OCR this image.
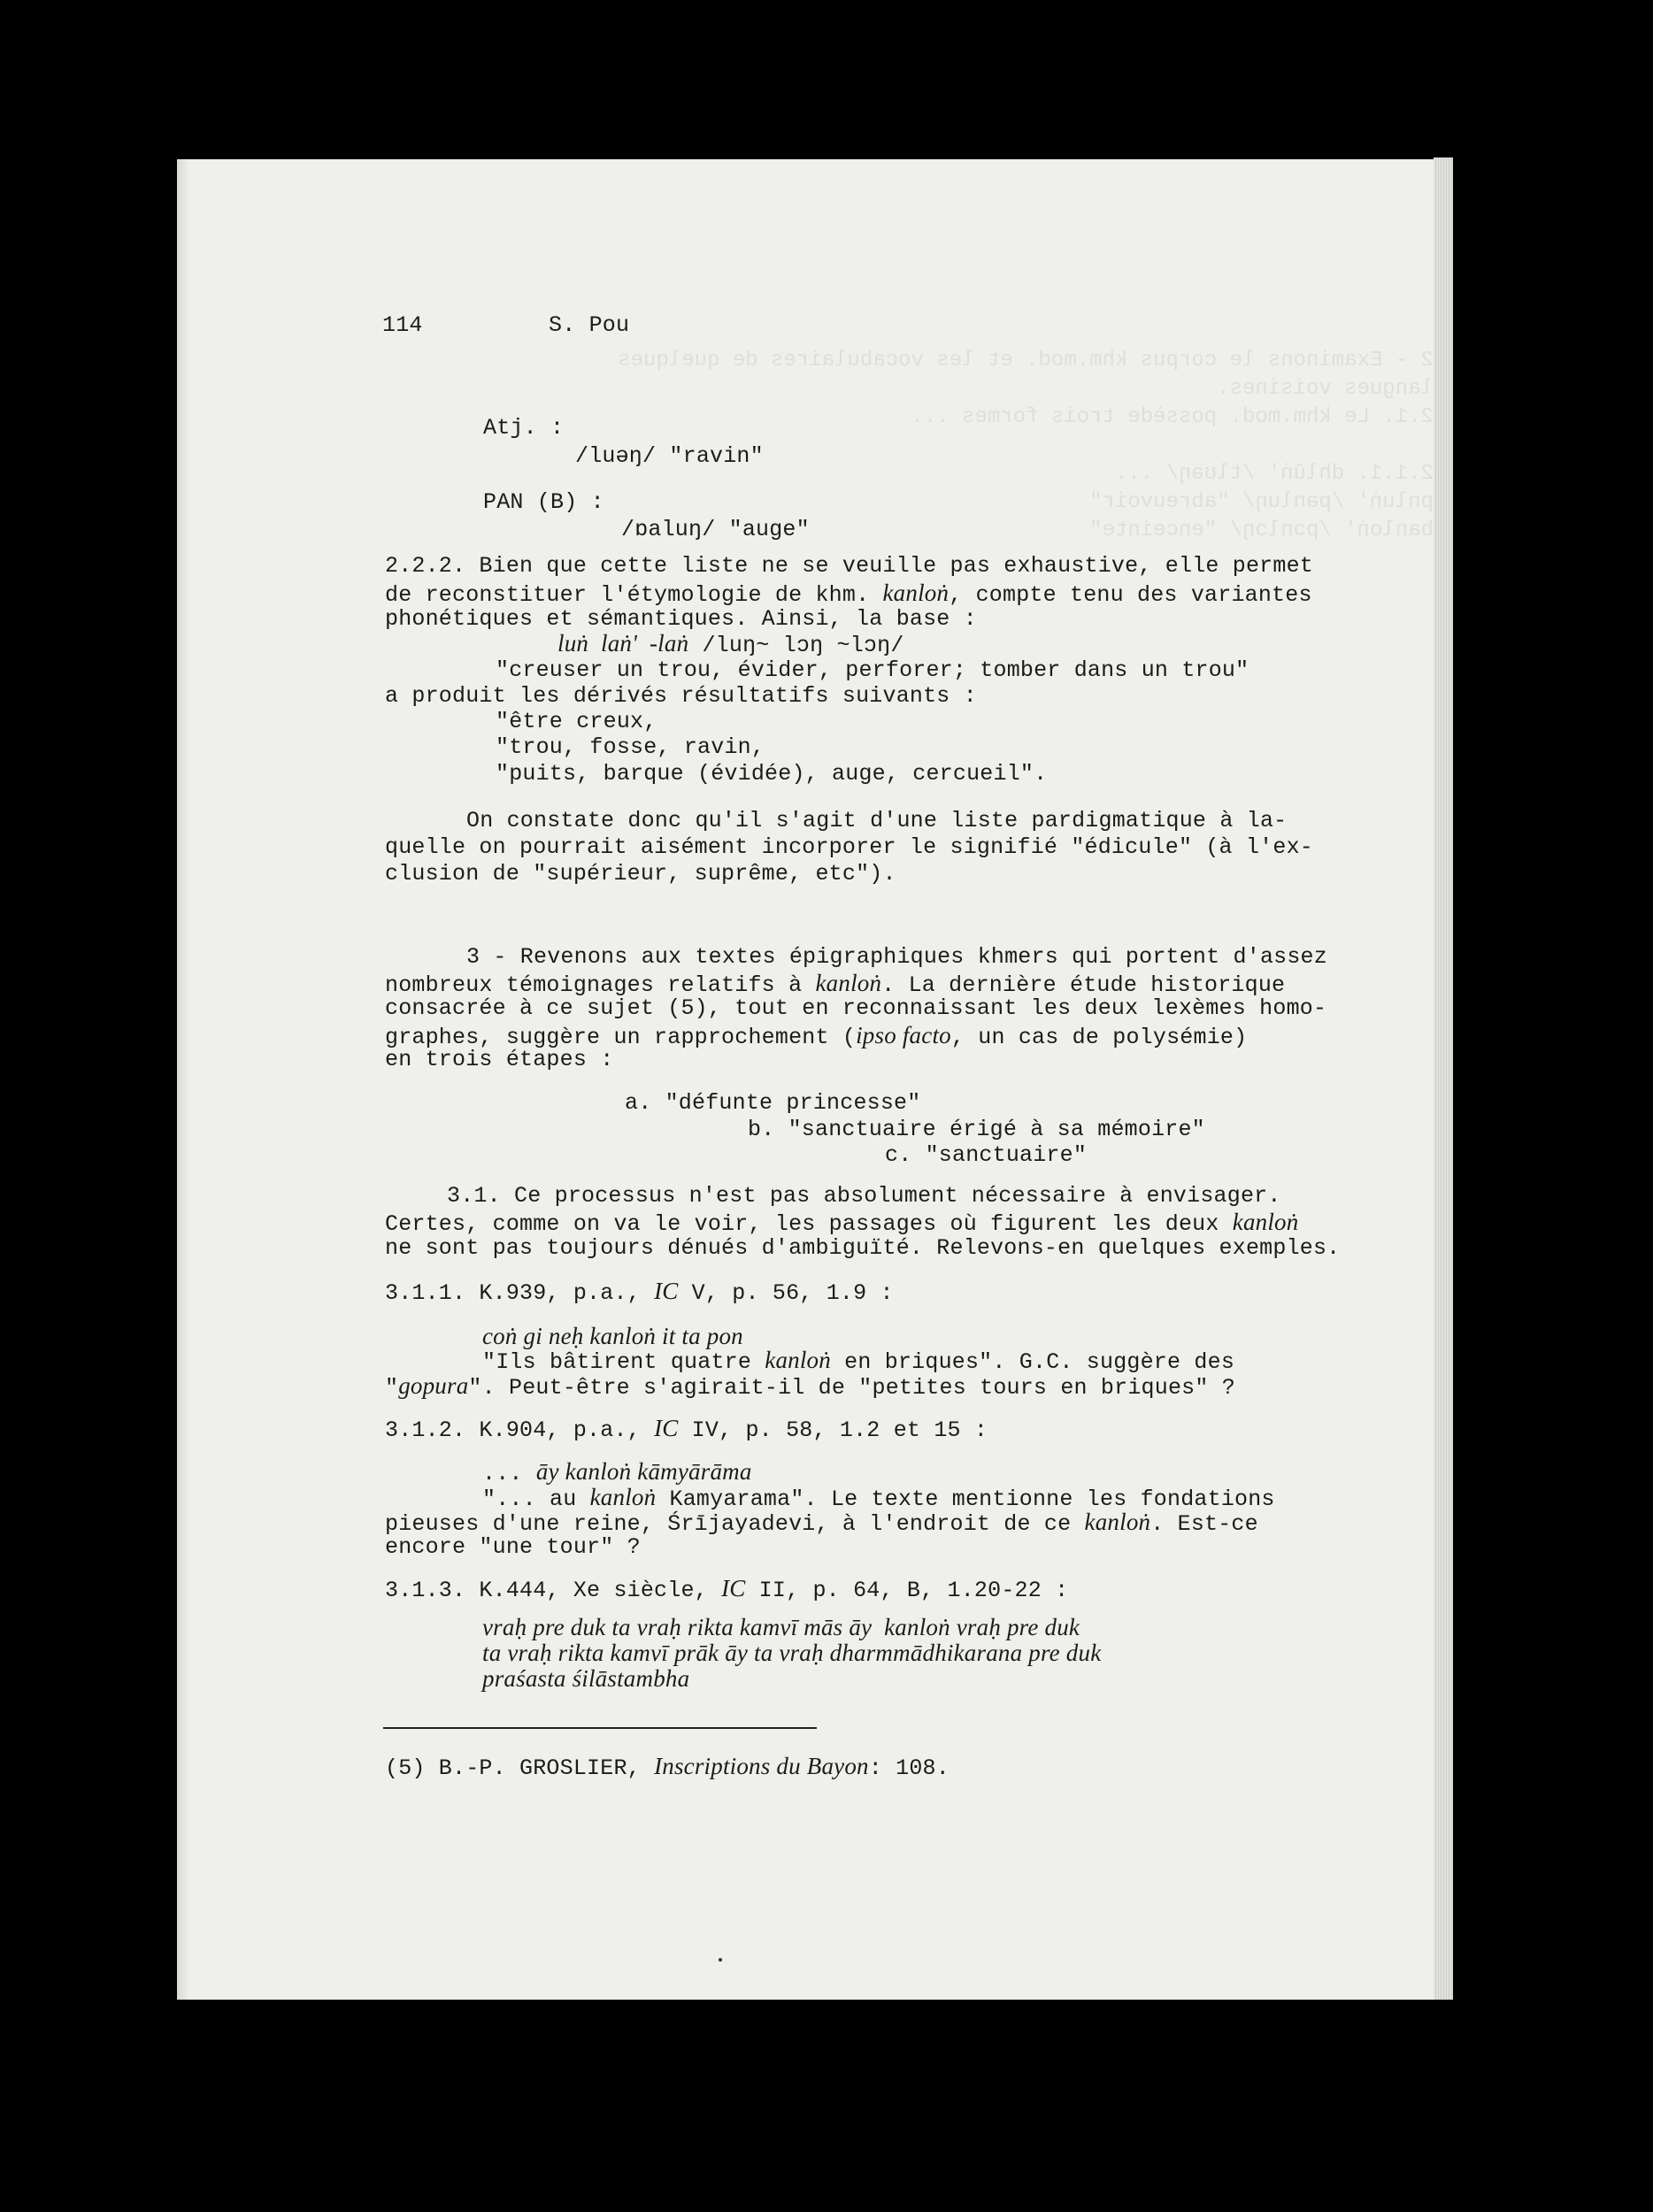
114	S. Pou
Atj. :
/luəŋ/ "ravin"
PAN (B) :
/ɒaluŋ/ "auge"
2.2.2. Bien que cette liste ne se veuille pas exhaustive, elle permet
de reconstituer l'étymologie de khm. kanloṅ, compte tenu des variantes
phonétiques et sémantiques. Ainsi, la base :
luṅ  laṅ'  -laṅ /luŋ~ lɔŋ ~lɔŋ/
"creuser un trou, évider, perforer; tomber dans un trou"
a produit les dérivés résultatifs suivants :
"être creux,
"trou, fosse, ravin,
"puits, barque (évidée), auge, cercueil".
On constate donc qu'il s'agit d'une liste pardigmatique à la-
quelle on pourrait aisément incorporer le signifié "édicule" (à l'ex-
clusion de "supérieur, suprême, etc").
3 - Revenons aux textes épigraphiques khmers qui portent d'assez
nombreux témoignages relatifs à kanloṅ. La dernière étude historique
consacrée à ce sujet (5), tout en reconnaissant les deux lexèmes homo-
graphes, suggère un rapprochement (ipso facto, un cas de polysémie)
en trois étapes :
a. "défunte princesse"
b. "sanctuaire érigé à sa mémoire"
c. "sanctuaire"
3.1. Ce processus n'est pas absolument nécessaire à envisager.
Certes, comme on va le voir, les passages où figurent les deux kanloṅ
ne sont pas toujours dénués d'ambiguïté. Relevons-en quelques exemples.
3.1.1. K.939, p.a., IC V, p. 56, 1.9 :
coṅ gi neḥ kanloṅ it ta pon
"Ils bâtirent quatre kanloṅ en briques". G.C. suggère des
"gopura". Peut-être s'agirait-il de "petites tours en briques" ?
3.1.2. K.904, p.a., IC IV, p. 58, 1.2 et 15 :
... āy kanloṅ kāmyārāma
"... au kanloṅ Kamyarama". Le texte mentionne les fondations
pieuses d'une reine, Śrījayadevi, à l'endroit de ce kanloṅ. Est-ce
encore "une tour" ?
3.1.3. K.444, Xe siècle, IC II, p. 64, B, 1.20-22 :
vraḥ pre duk ta vraḥ rikta kamvī mās āy  kanloṅ vraḥ pre duk
ta vraḥ rikta kamvī prāk āy ta vraḥ dharmmādhikarana pre duk
praśasta śilāstambha
(5) B.-P. GROSLIER, Inscriptions du Bayon: 108.
